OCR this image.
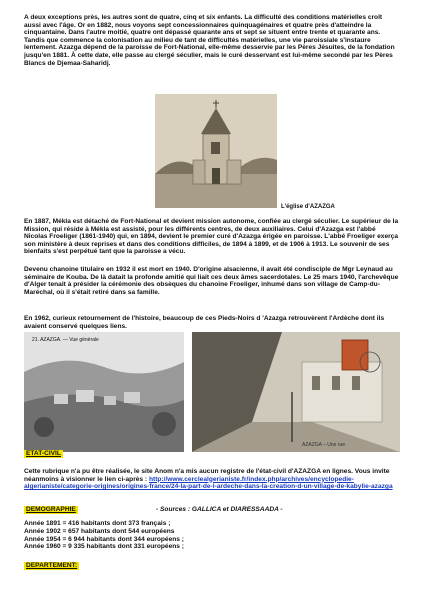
A deux exceptions près, les autres sont de quatre, cinq et six enfants. La difficulté des conditions matérielles croît aussi avec l'âge. Or en 1882, nous voyons sept concessionnaires quinquagénaires et quatre près d'atteindre la cinquantaine. Dans l'autre moitié, quatre ont dépassé quarante ans et sept se situent entre trente et quarante ans. Tandis que commence la colonisation au milieu de tant de difficultés matérielles, une vie paroissiale s'instaure lentement. Azazga dépend de la paroisse de Fort-National, elle-même desservie par les Pères Jésuites, de la fondation jusqu'en 1881. À cette date, elle passe au clergé séculier, mais le curé desservant est lui-même secondé par les Pères Blancs de Djemaa-Saharidj.

L'église d'AZAZGA

En 1887, Mékla est détaché de Fort-National et devient mission autonome, confiée au clergé séculier. Le supérieur de la Mission, qui réside à Mékla est assisté, pour les différents centres, de deux auxiliaires. Celui d'Azazga est l'abbé Nicolas Froeliger (1861-1940) qui, en 1894, devient le premier curé d'Azazga érigée en paroisse. L'abbé Froeliger exerça son ministère à deux reprises et dans des conditions difficiles, de 1894 à 1899, et de 1906 à 1913. Le souvenir de ses bienfaits s'est perpétué tant que la paroisse a vécu.

Devenu chanoine titulaire en 1932 il est mort en 1940. D'origine alsacienne, il avait été condisciple de Mgr Leynaud au séminaire de Kouba. De là datait la profonde amitié qui liait ces deux âmes sacerdotales. Le 25 mars 1940, l'archevêque d'Alger tenait à présider la cérémonie des obsèques du chanoine Froeliger, inhumé dans son village de Camp-du-Maréchal, où il s'était retiré dans sa famille.

En 1962, curieux retournement de l'histoire, beaucoup de ces Pieds-Noirs d 'Azazga retrouvèrent l'Ardèche dont ils avaient conservé quelques liens.

21. AZAZGA. — Vue générale
AZAZGA – Une rue
ETAT-CIVIL
Cette rubrique n'a pu être réalisée, le site Anom n'a mis aucun registre de l'état-civil d'AZAZGA en lignes. Vous invite néanmoins à visionner le lien ci-après : http://www.cerclealgerianiste.fr/index.php/archives/encyclopedie-algerianiste/categorie-origines/origines-france/24-la-part-de-l-ardeche-dans-la-creation-d-un-village-de-kabylie-azazga
DEMOGRAPHIE	- Sources : GALLICA et DIARESSAADA -
Année 1891 = 416 habitants dont 373 français ;
Année 1902 = 657 habitants dont 544 européens
Année 1954 = 6 944 habitants dont 344 européens ;
Année 1960 = 9 335 habitants dont 331 européens ;
DEPARTEMENT:
